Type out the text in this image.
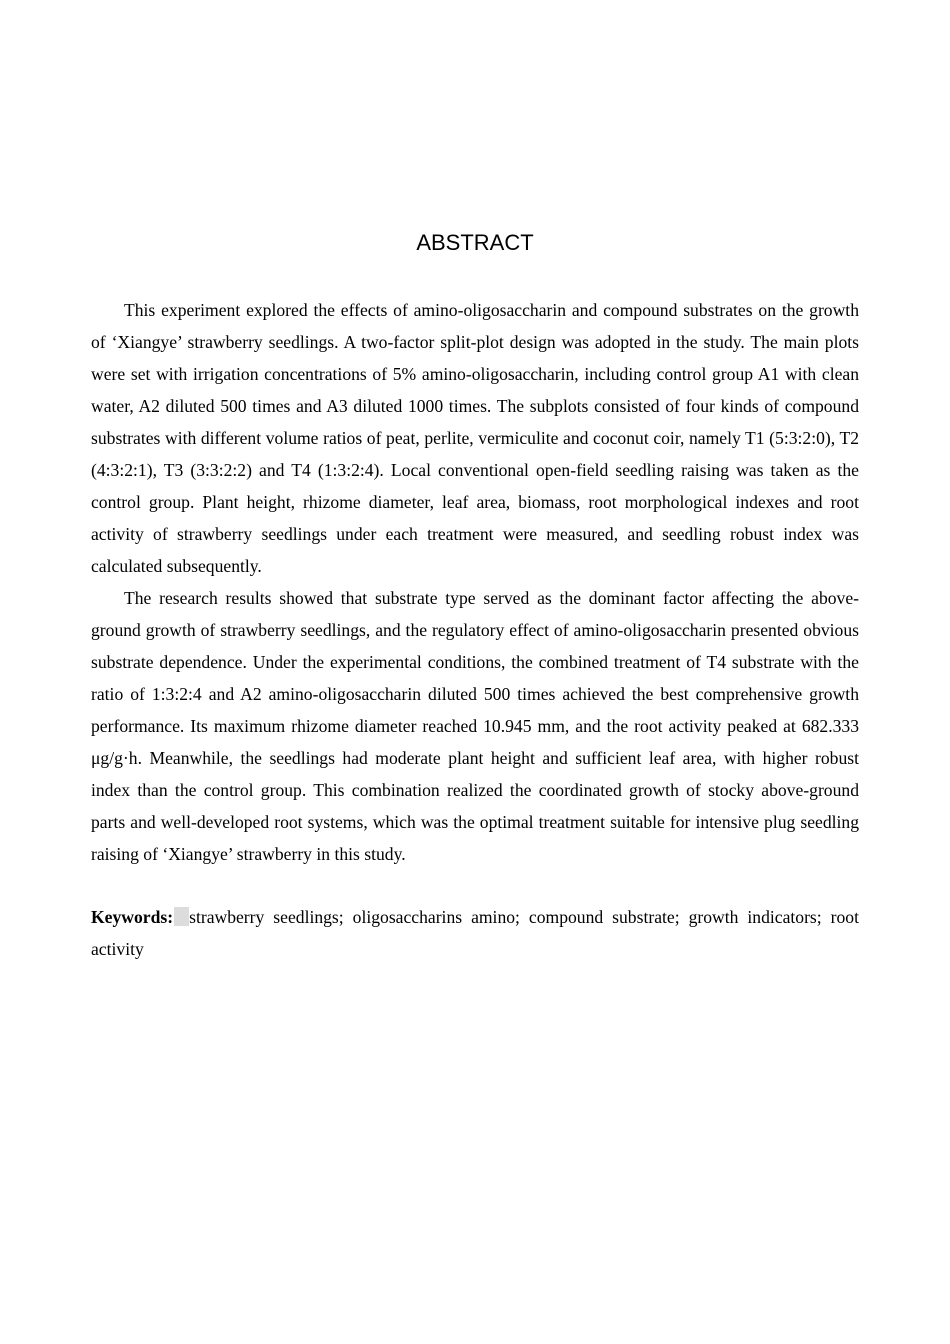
ABSTRACT

This experiment explored the effects of amino-oligosaccharin and compound substrates on the growth of ‘Xiangye’ strawberry seedlings. A two-factor split-plot design was adopted in the study. The main plots were set with irrigation concentrations of 5% amino-oligosaccharin, including control group A1 with clean water, A2 diluted 500 times and A3 diluted 1000 times. The subplots consisted of four kinds of compound substrates with different volume ratios of peat, perlite, vermiculite and coconut coir, namely T1 (5:3:2:0), T2 (4:3:2:1), T3 (3:3:2:2) and T4 (1:3:2:4). Local conventional open-field seedling raising was taken as the control group. Plant height, rhizome diameter, leaf area, biomass, root morphological indexes and root activity of strawberry seedlings under each treatment were measured, and seedling robust index was calculated subsequently.

The research results showed that substrate type served as the dominant factor affecting the above-ground growth of strawberry seedlings, and the regulatory effect of amino-oligosaccharin presented obvious substrate dependence. Under the experimental conditions, the combined treatment of T4 substrate with the ratio of 1:3:2:4 and A2 amino-oligosaccharin diluted 500 times achieved the best comprehensive growth performance. Its maximum rhizome diameter reached 10.945 mm, and the root activity peaked at 682.333 μg/g·h. Meanwhile, the seedlings had moderate plant height and sufficient leaf area, with higher robust index than the control group. This combination realized the coordinated growth of stocky above-ground parts and well-developed root systems, which was the optimal treatment suitable for intensive plug seedling raising of ‘Xiangye’ strawberry in this study.

Keywords: strawberry seedlings; oligosaccharins amino; compound substrate; growth indicators; root activity
